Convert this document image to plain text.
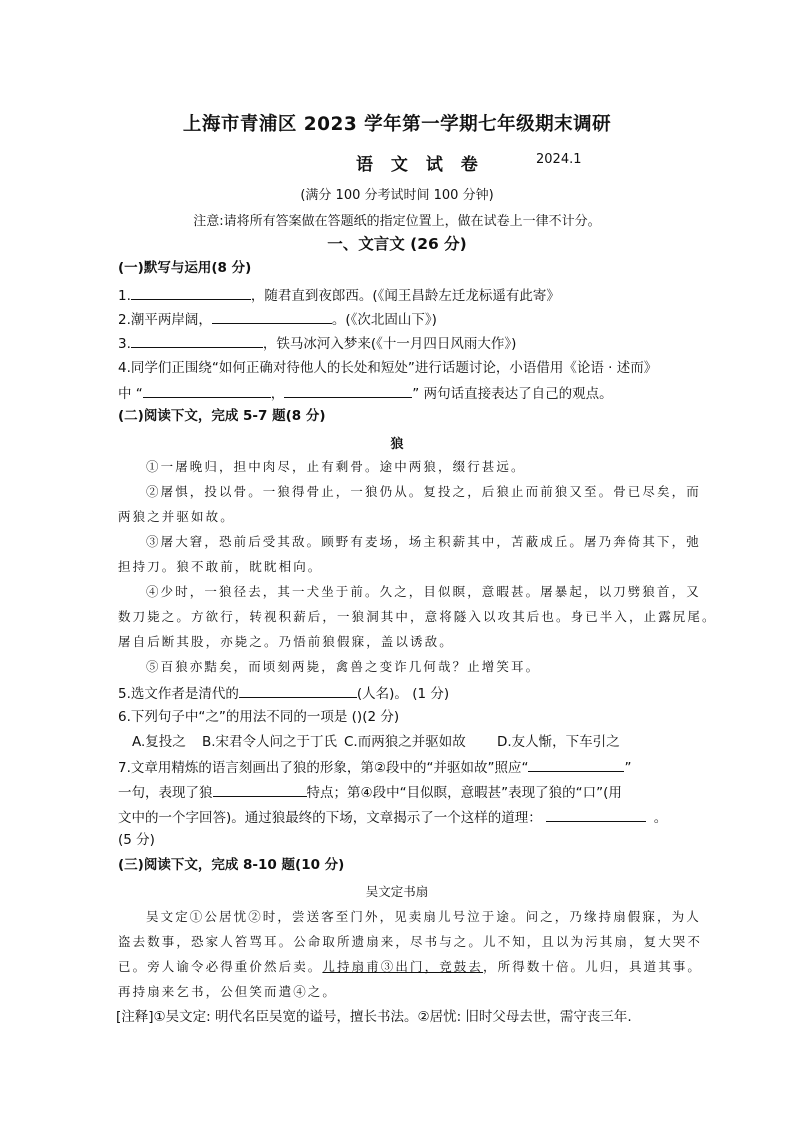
上海市青浦区 2023 学年第一学期七年级期末调研
语 文 试 卷	2024.1
(满分 100 分考试时间 100 分钟)
注意:请将所有答案做在答题纸的指定位置上，做在试卷上一律不计分。
一、文言文 (26 分)
(一)默写与运用(8 分)
1.	，随君直到夜郎西。(《闻王昌龄左迁龙标遥有此寄》
2.潮平两岸阔，	。(《次北固山下》)
3.	，铁马冰河入梦来(《十一月四日风雨大作》)
4.同学们正围绕“如何正确对待他人的长处和短处”进行话题讨论，小语借用《论语 · 述而》
中 “	，	” 两句话直接表达了自己的观点。
(二)阅读下文，完成 5-7 题(8 分)
狼
①一屠晚归，担中肉尽，止有剩骨。途中两狼，缀行甚远。
②屠惧，投以骨。一狼得骨止，一狼仍从。复投之，后狼止而前狼又至。骨已尽矣，而
两狼之并驱如故。
③屠大窘，恐前后受其敌。顾野有麦场，场主积薪其中，苫蔽成丘。屠乃奔倚其下，弛
担持刀。狼不敢前，眈眈相向。
④少时，一狼径去，其一犬坐于前。久之，目似瞑，意暇甚。屠暴起，以刀劈狼首，又
数刀毙之。方欲行，转视积薪后，一狼洞其中，意将隧入以攻其后也。身已半入，止露尻尾。
屠自后断其股，亦毙之。乃悟前狼假寐，盖以诱敌。
⑤百狼亦黠矣，而顷刻两毙，禽兽之变诈几何哉？止增笑耳。
5.选文作者是清代的	(人名)。 (1 分)
6.下列句子中“之”的用法不同的一项是 ()(2 分)
A.复投之 B.宋君令人问之于丁氏 C.而两狼之并驱如故 D.友人惭，下车引之
7.文章用精炼的语言刻画出了狼的形象，第②段中的“并驱如故”照应“	”
一句，表现了狼	特点；第④段中“目似瞑，意暇甚”表现了狼的“口”(用
文中的一个字回答)。通过狼最终的下场，文章揭示了一个这样的道理：	。
(5 分)
(三)阅读下文，完成 8-10 题(10 分)
吴文定书扇
吴文定①公居忧②时，尝送客至门外，见卖扇儿号泣于途。问之，乃缘持扇假寐，为人
盗去数事，恐家人笞骂耳。公命取所遗扇来，尽书与之。儿不知，且以为污其扇，复大哭不
已。旁人谕令必得重价然后卖。儿持扇甫③出门，竞鼓去，所得数十倍。儿归，具道其事。
再持扇来乞书，公但笑而遣④之。
[注释]①吴文定: 明代名臣吴宽的谥号，擅长书法。②居忧: 旧时父母去世，需守丧三年.
